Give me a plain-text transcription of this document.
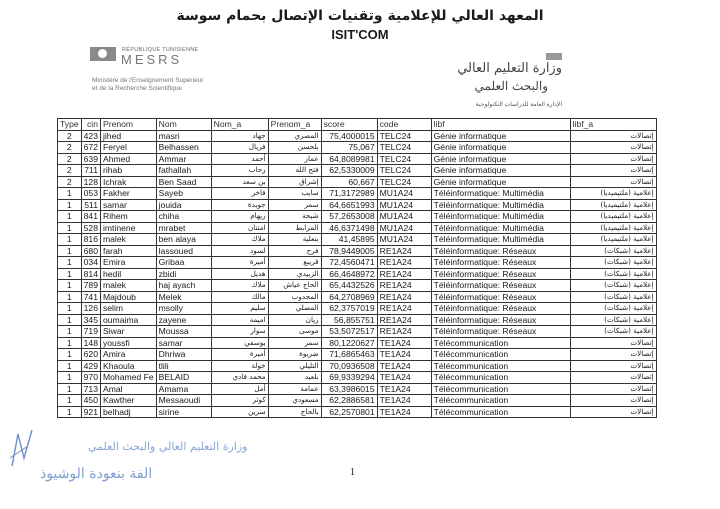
المعهد العالي للإعلامية وتقنيات الإتصال بحمام سوسة
ISIT'COM
RÉPUBLIQUE TUNISIENNE
MESRS
Ministère de l'Enseignement Supérieur
et de la Recherche Scientifique
وزارة التعليم العالي
والبحث العلمي
الإدارة العامة للدراسات التكنولوجية
Type	cin	Prenom	Nom	Nom_a	Prenom_a	score	code	libf	libf_a
2	423	jihed	masri	جهاد	المصري	75,4000015	TELC24	Génie informatique	إتصالات
2	672	Feryel	Belhassen	فريال	بلحسن	75,067	TELC24	Génie informatique	إتصالات
2	639	Ahmed	Ammar	أحمد	عمار	64,8089981	TELC24	Génie informatique	إتصالات
2	711	rihab	fathallah	رحاب	فتح الله	62,5330009	TELC24	Génie informatique	إتصالات
2	128	Ichrak	Ben Saad	بن سعد	إشراق	60,667	TELC24	Génie informatique	إتصالات
1	053	Fakher	Sayeb	فاخر	سايب	71,3172989	MU1A24	Téléinformatique: Multimédia	إعلامية (ملتيميديا)
1	511	samar	jouida	جويدة	سمر	64,6651993	MU1A24	Téléinformatique: Multimédia	إعلامية (ملتيميديا)
1	841	Rihem	chiha	ريهام	شيحة	57,2653008	MU1A24	Téléinformatique: Multimédia	إعلامية (ملتيميديا)
1	528	imtinene	mrabet	امتنان	المرابط	46,6371498	MU1A24	Téléinformatique: Multimédia	إعلامية (ملتيميديا)
1	816	malek	ben alaya	ملاك	بنعلية	41,45895	MU1A24	Téléinformatique: Multimédia	إعلامية (ملتيميديا)
1	680	farah	lassoued	لسود	فرح	78,9449005	RE1A24	Téléinformatique: Réseaux	إعلامية (شبكات)
1	034	Emira	Gribaa	أميرة	قريبع	72,4560471	RE1A24	Téléinformatique: Réseaux	إعلامية (شبكات)
1	814	hedil	zbidi	هديل	الزبيدي	66,4648972	RE1A24	Téléinformatique: Réseaux	إعلامية (شبكات)
1	789	malek	haj ayach	ملاك	الحاج عياش	65,4432526	RE1A24	Téléinformatique: Réseaux	إعلامية (شبكات)
1	741	Majdoub	Melek	مالك	المجدوب	64,2708969	RE1A24	Téléinformatique: Réseaux	إعلامية (شبكات)
1	126	selim	msolly	سليم	المصلي	62,3757019	RE1A24	Téléinformatique: Réseaux	إعلامية (شبكات)
1	345	oumaima	zayene	اميمة	زيان	56,855751	RE1A24	Téléinformatique: Réseaux	إعلامية (شبكات)
1	719	Siwar	Moussa	سوار	موسى	53,5072517	RE1A24	Téléinformatique: Réseaux	إعلامية (شبكات)
1	148	youssfi	samar	يوسفي	سمر	80,1220627	TE1A24	Télécommunication	إتصالات
1	620	Amira	Dhriwa	أميرة	ضريوة	71,6865463	TE1A24	Télécommunication	إتصالات
1	429	Khaoula	tlili	خولة	التليلي	70,0936508	TE1A24	Télécommunication	إتصالات
1	970	Mohamed Fe	BELAID	محمد فادي	بلعيد	69,9339294	TE1A24	Télécommunication	إتصالات
1	713	Amal	Amama	أمل	عمامة	63,3986015	TE1A24	Télécommunication	إتصالات
1	450	Kawther	Messaoudi	كوثر	مسعودي	62,2886581	TE1A24	Télécommunication	إتصالات
1	921	belhadj	sirine	سرين	بالحاج	62,2570801	TE1A24	Télécommunication	إتصالات
وزارة التعليم العالي والبحث العلمي
الفة بنعودة الوشيوذ	1
